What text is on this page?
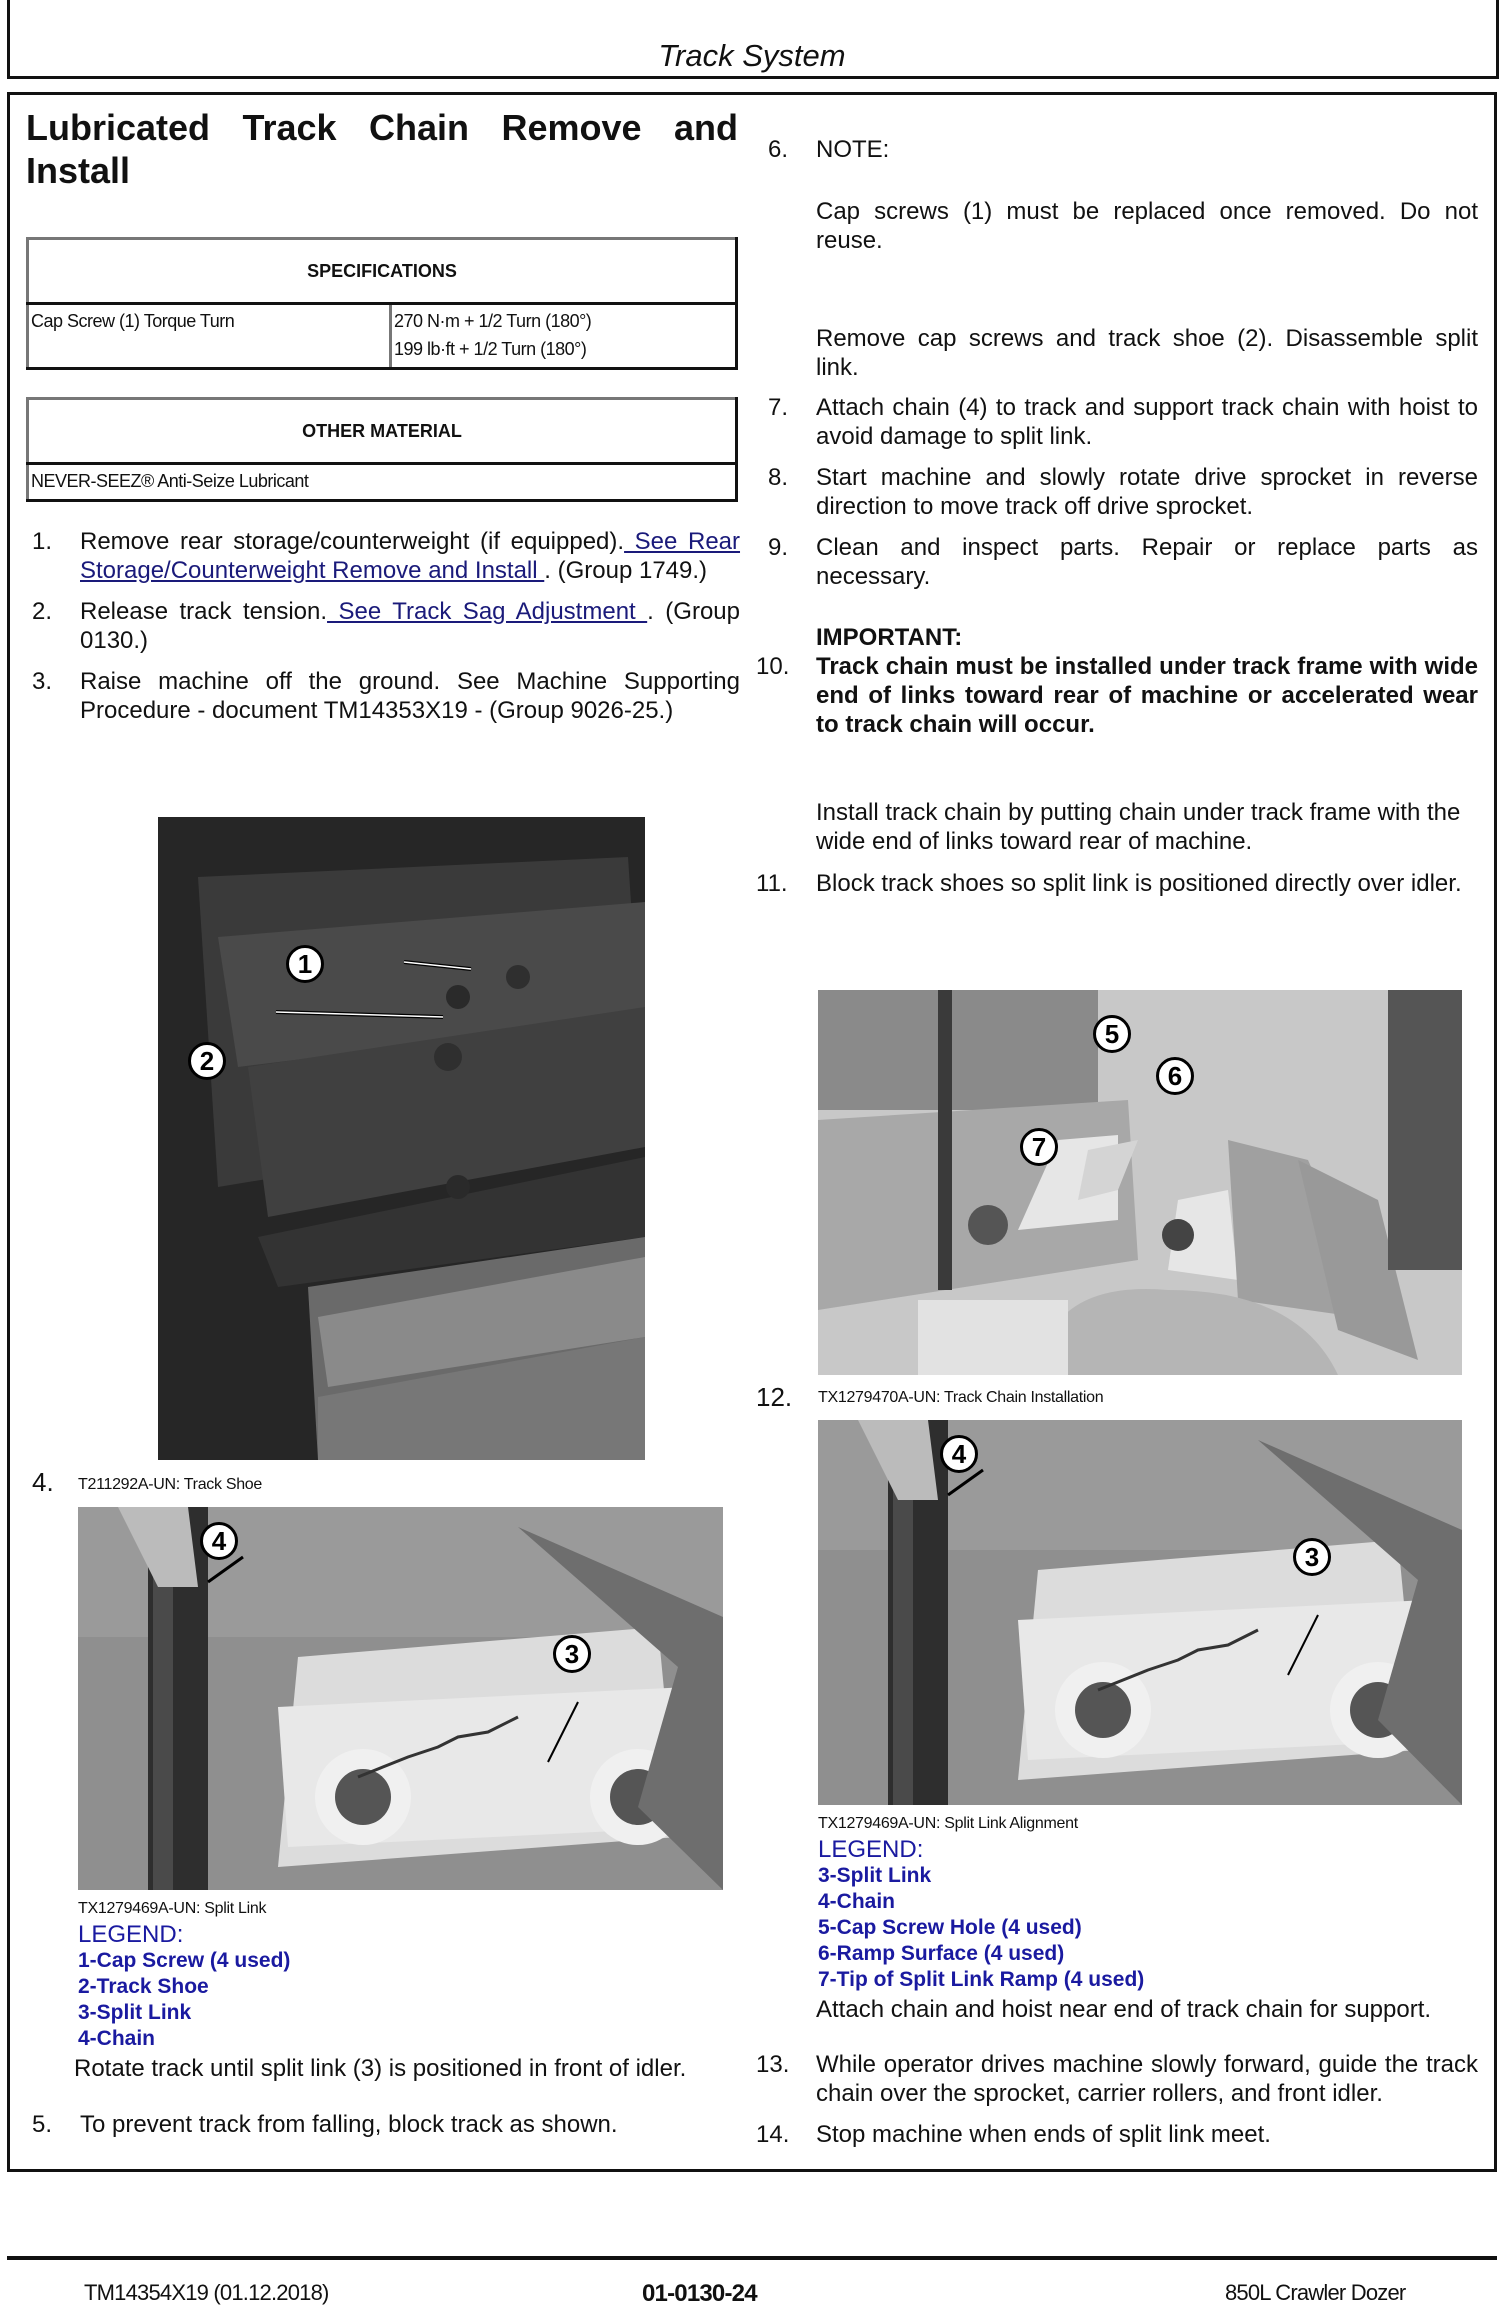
Track System
Lubricated Track Chain Remove and
Install
SPECIFICATIONS
Cap Screw (1) Torque Turn	270 N·m + 1/2 Turn (180°)
199 lb·ft + 1/2 Turn (180°)
OTHER MATERIAL
NEVER-SEEZ® Anti-Seize Lubricant
1. Remove rear storage/counterweight (if equipped). See Rear Storage/Counterweight Remove and Install . (Group 1749.)
2. Release track tension. See Track Sag Adjustment . (Group 0130.)
3. Raise machine off the ground. See Machine Supporting Procedure - document TM14353X19 - (Group 9026-25.)
1
2
4. T211292A-UN: Track Shoe
4
3
TX1279469A-UN: Split Link
LEGEND:
1-Cap Screw (4 used)
2-Track Shoe
3-Split Link
4-Chain
Rotate track until split link (3) is positioned in front of idler.
5. To prevent track from falling, block track as shown.
6. NOTE:
Cap screws (1) must be replaced once removed. Do not reuse.
Remove cap screws and track shoe (2). Disassemble split link.
7. Attach chain (4) to track and support track chain with hoist to avoid damage to split link.
8. Start machine and slowly rotate drive sprocket in reverse direction to move track off drive sprocket.
9. Clean and inspect parts. Repair or replace parts as necessary.
IMPORTANT:
10. Track chain must be installed under track frame with wide end of links toward rear of machine or accelerated wear to track chain will occur.
Install track chain by putting chain under track frame with the wide end of links toward rear of machine.
11. Block track shoes so split link is positioned directly over idler.
5
6
7
12. TX1279470A-UN: Track Chain Installation
4
3
TX1279469A-UN: Split Link Alignment
LEGEND:
3-Split Link
4-Chain
5-Cap Screw Hole (4 used)
6-Ramp Surface (4 used)
7-Tip of Split Link Ramp (4 used)
Attach chain and hoist near end of track chain for support.
13. While operator drives machine slowly forward, guide the track chain over the sprocket, carrier rollers, and front idler.
14. Stop machine when ends of split link meet.
TM14354X19 (01.12.2018)	01-0130-24	850L Crawler Dozer
